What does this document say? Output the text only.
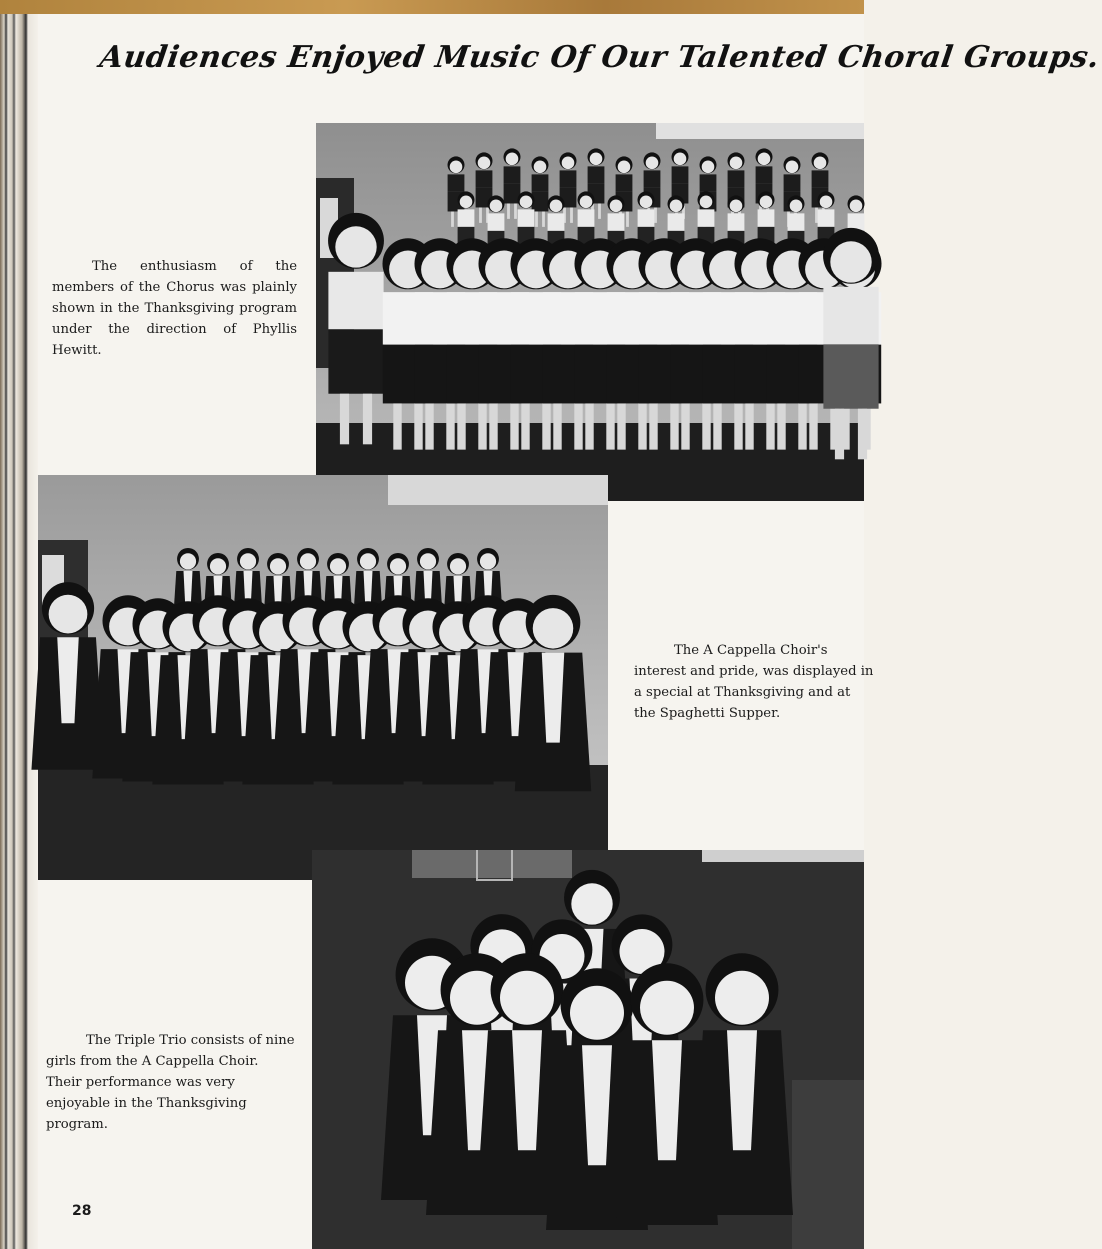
Audiences Enjoyed Music Of Our Talented Choral Groups.
The enthusiasm of the members of the Chorus was plainly shown in the Thanksgiving program under the direction of Phyllis Hewitt.
The A Cappella Choir's interest and pride, was displayed in a special at Thanksgiving and at the Spaghetti Supper.
The Triple Trio consists of nine girls from the A Cappella Choir. Their performance was very enjoyable in the Thanksgiving program.
28
